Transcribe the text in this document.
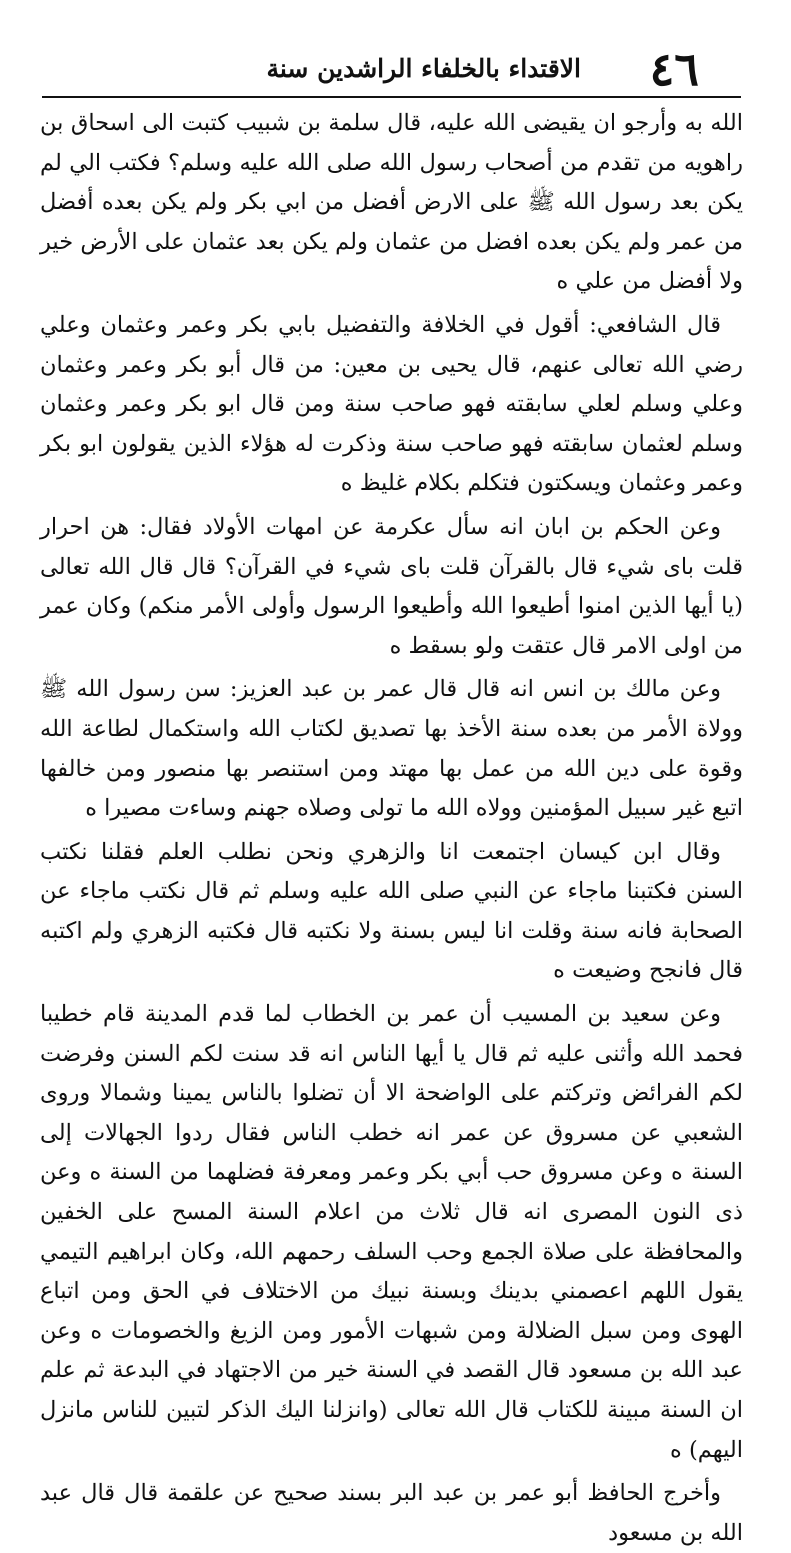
٤٦
الاقتداء بالخلفاء الراشدين سنة

الله به وأرجو ان يقيضى الله عليه، قال سلمة بن شبيب كتبت الى اسحاق بن راهويه من تقدم من أصحاب رسول الله صلى الله عليه وسلم؟ فكتب الي لم يكن بعد رسول الله ﷺ على الارض أفضل من ابي بكر ولم يكن بعده أفضل من عمر ولم يكن بعده افضل من عثمان ولم يكن بعد عثمان على الأرض خير ولا أفضل من علي ه

قال الشافعي: أقول في الخلافة والتفضيل بابي بكر وعمر وعثمان وعلي رضي الله تعالى عنهم، قال يحيى بن معين: من قال أبو بكر وعمر وعثمان وعلي وسلم لعلي سابقته فهو صاحب سنة ومن قال ابو بكر وعمر وعثمان وسلم لعثمان سابقته فهو صاحب سنة وذكرت له هؤلاء الذين يقولون ابو بكر وعمر وعثمان ويسكتون فتكلم بكلام غليظ ه

وعن الحكم بن ابان انه سأل عكرمة عن امهات الأولاد فقال: هن احرار قلت باى شيء قال بالقرآن قلت باى شيء في القرآن؟ قال قال الله تعالى (يا أيها الذين امنوا أطيعوا الله وأطيعوا الرسول وأولى الأمر منكم) وكان عمر من اولى الامر قال عتقت ولو بسقط ه

وعن مالك بن انس انه قال قال عمر بن عبد العزيز: سن رسول الله ﷺ وولاة الأمر من بعده سنة الأخذ بها تصديق لكتاب الله واستكمال لطاعة الله وقوة على دين الله من عمل بها مهتد ومن استنصر بها منصور ومن خالفها اتبع غير سبيل المؤمنين وولاه الله ما تولى وصلاه جهنم وساءت مصيرا ه

وقال ابن كيسان اجتمعت انا والزهري ونحن نطلب العلم فقلنا نكتب السنن فكتبنا ماجاء عن النبي صلى الله عليه وسلم ثم قال نكتب ماجاء عن الصحابة فانه سنة وقلت انا ليس بسنة ولا نكتبه قال فكتبه الزهري ولم اكتبه قال فانجح وضيعت ه

وعن سعيد بن المسيب أن عمر بن الخطاب لما قدم المدينة قام خطيبا فحمد الله وأثنى عليه ثم قال يا أيها الناس انه قد سنت لكم السنن وفرضت لكم الفرائض وتركتم على الواضحة الا أن تضلوا بالناس يمينا وشمالا وروى الشعبي عن مسروق عن عمر انه خطب الناس فقال ردوا الجهالات إلى السنة ه وعن مسروق حب أبي بكر وعمر ومعرفة فضلهما من السنة ه وعن ذى النون المصرى انه قال ثلاث من اعلام السنة المسح على الخفين والمحافظة على صلاة الجمع وحب السلف رحمهم الله، وكان ابراهيم التيمي يقول اللهم اعصمني بدينك وبسنة نبيك من الاختلاف في الحق ومن اتباع الهوى ومن سبل الضلالة ومن شبهات الأمور ومن الزيغ والخصومات ه وعن عبد الله بن مسعود قال القصد في السنة خير من الاجتهاد في البدعة ثم علم ان السنة مبينة للكتاب قال الله تعالى (وانزلنا اليك الذكر لتبين للناس مانزل اليهم) ه

وأخرج الحافظ أبو عمر بن عبد البر بسند صحيح عن علقمة قال قال عبد الله بن مسعود
